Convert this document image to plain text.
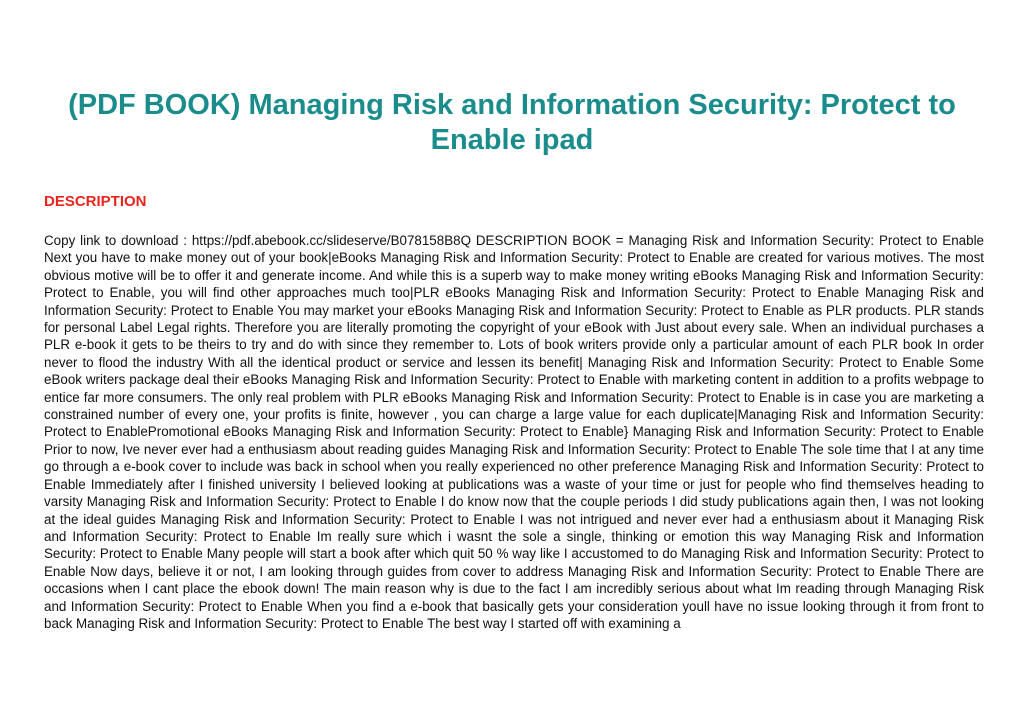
(PDF BOOK) Managing Risk and Information Security: Protect to Enable ipad
DESCRIPTION

Copy link to download : https://pdf.abebook.cc/slideserve/B078158B8Q DESCRIPTION BOOK = Managing Risk and Information Security: Protect to Enable Next you have to make money out of your book|eBooks Managing Risk and Information Security: Protect to Enable are created for various motives. The most obvious motive will be to offer it and generate income. And while this is a superb way to make money writing eBooks Managing Risk and Information Security: Protect to Enable, you will find other approaches much too|PLR eBooks Managing Risk and Information Security: Protect to Enable Managing Risk and Information Security: Protect to Enable You may market your eBooks Managing Risk and Information Security: Protect to Enable as PLR products. PLR stands for personal Label Legal rights. Therefore you are literally promoting the copyright of your eBook with Just about every sale. When an individual purchases a PLR e-book it gets to be theirs to try and do with since they remember to. Lots of book writers provide only a particular amount of each PLR book In order never to flood the industry With all the identical product or service and lessen its benefit| Managing Risk and Information Security: Protect to Enable Some eBook writers package deal their eBooks Managing Risk and Information Security: Protect to Enable with marketing content in addition to a profits webpage to entice far more consumers. The only real problem with PLR eBooks Managing Risk and Information Security: Protect to Enable is in case you are marketing a constrained number of every one, your profits is finite, however , you can charge a large value for each duplicate|Managing Risk and Information Security: Protect to EnablePromotional eBooks Managing Risk and Information Security: Protect to Enable} Managing Risk and Information Security: Protect to Enable Prior to now, Ive never ever had a enthusiasm about reading guides Managing Risk and Information Security: Protect to Enable The sole time that I at any time go through a e-book cover to include was back in school when you really experienced no other preference Managing Risk and Information Security: Protect to Enable Immediately after I finished university I believed looking at publications was a waste of your time or just for people who find themselves heading to varsity Managing Risk and Information Security: Protect to Enable I do know now that the couple periods I did study publications again then, I was not looking at the ideal guides Managing Risk and Information Security: Protect to Enable I was not intrigued and never ever had a enthusiasm about it Managing Risk and Information Security: Protect to Enable Im really sure which i wasnt the sole a single, thinking or emotion this way Managing Risk and Information Security: Protect to Enable Many people will start a book after which quit 50 % way like I accustomed to do Managing Risk and Information Security: Protect to Enable Now days, believe it or not, I am looking through guides from cover to address Managing Risk and Information Security: Protect to Enable There are occasions when I cant place the ebook down! The main reason why is due to the fact I am incredibly serious about what Im reading through Managing Risk and Information Security: Protect to Enable When you find a e-book that basically gets your consideration youll have no issue looking through it from front to back Managing Risk and Information Security: Protect to Enable The best way I started off with examining a
